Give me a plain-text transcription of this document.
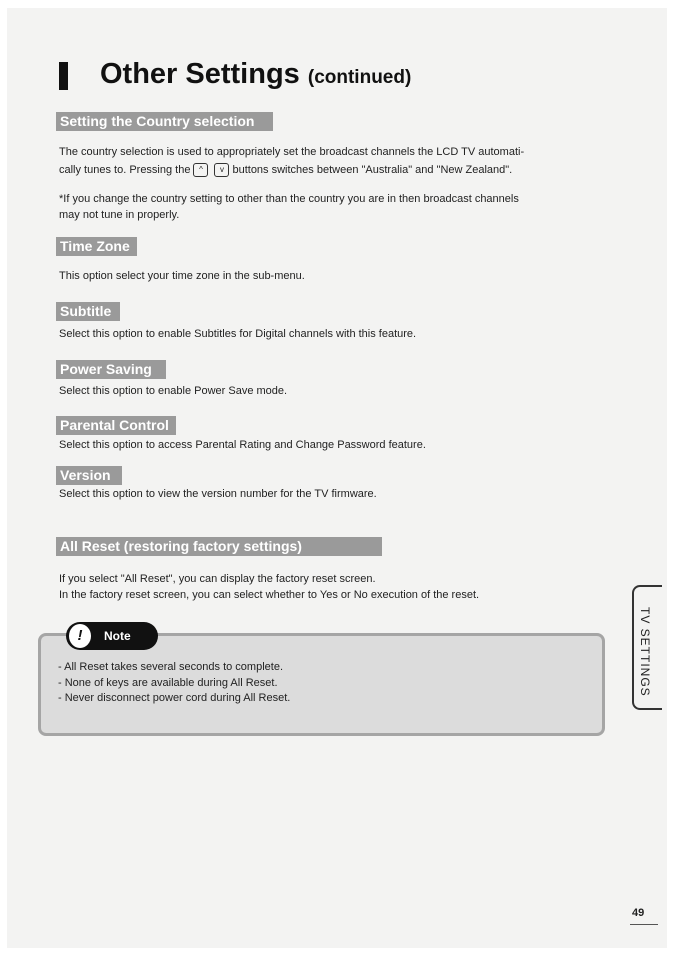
Other Settings (continued)
Setting the Country selection
The country selection is used to appropriately set the broadcast channels the LCD TV automati-
cally tunes to. Pressing the ^ v buttons switches between "Australia" and "New Zealand".
*If you change the country setting to other than the country you are in then broadcast channels
may not tune in properly.
Time Zone
This option select your time zone in the sub-menu.
Subtitle
Select this option to enable Subtitles for Digital channels with this feature.
Power Saving
Select this option to enable Power Save mode.
Parental Control
Select this option to access Parental Rating and Change Password feature.
Version
Select this option to view the version number for the TV firmware.
All Reset (restoring factory settings)
If you select "All Reset", you can display the factory reset screen.
In the factory reset screen, you can select whether to Yes or No execution of the reset.
!	Note
- All Reset takes several seconds to complete.
- None of keys are available during All Reset.
- Never disconnect power cord during All Reset.
TV SETTINGS
49
